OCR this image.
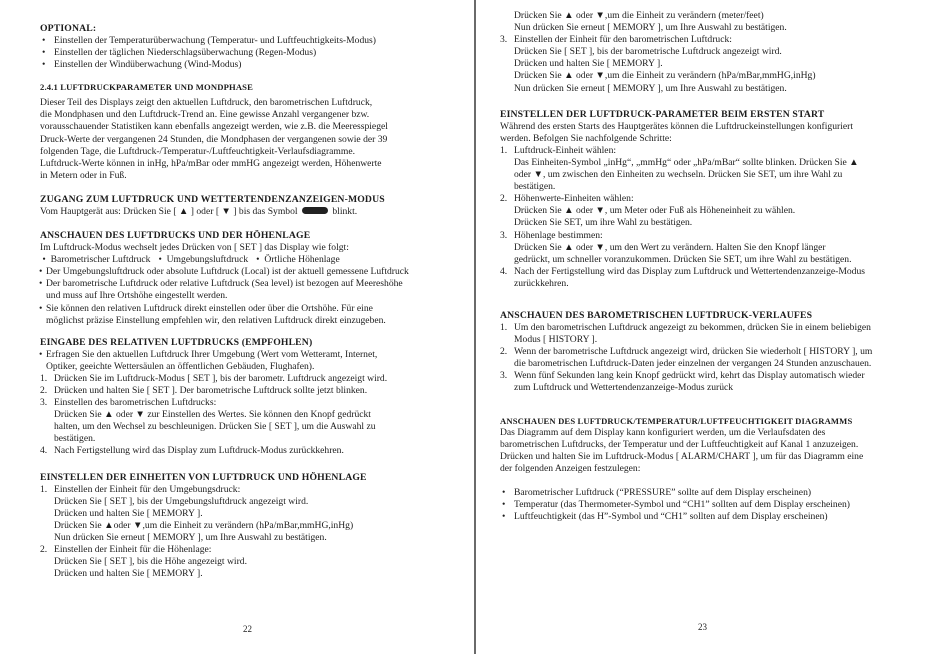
OPTIONAL:
• Einstellen der Temperaturüberwachung (Temperatur- und Luftfeuchtigkeits-Modus)
• Einstellen der täglichen Niederschlagsüberwachung (Regen-Modus)
• Einstellen der Windüberwachung (Wind-Modus)
2.4.1 LUFTDRUCKPARAMETER UND MONDPHASE

Dieser Teil des Displays zeigt den aktuellen Luftdruck, den barometrischen Luftdruck,

die Mondphasen und den Luftdruck-Trend an. Eine gewisse Anzahl vergangener bzw.

vorausschauender Statistiken kann ebenfalls angezeigt werden, wie z.B. die Meeresspiegel

Druck-Werte der vergangenen 24 Stunden, die Mondphasen der vergangenen sowie der 39

folgenden Tage, die Luftdruck-/Temperatur-/Luftfeuchtigkeit-Verlaufsdiagramme.

Luftdruck-Werte können in inHg, hPa/mBar oder mmHG angezeigt werden, Höhenwerte

in Metern oder in Fuß.

ZUGANG ZUM LUFTDRUCK UND WETTERTENDENZANZEIGEN-MODUS

Vom Hauptgerät aus: Drücken Sie [ ▲ ] oder [ ▼ ] bis das Symbol	blinkt.

ANSCHAUEN DES LUFTDRUCKS UND DER HÖHENLAGE

Im Luftdruck-Modus wechselt jedes Drücken von [ SET ] das Display wie folgt:

•  Barometrischer Luftdruck •  Umgebungsluftdruck •  Örtliche Höhenlage

• Der Umgebungsluftdruck oder absolute Luftdruck (Local) ist der aktuell gemessene Luftdruck
• Der barometrische Luftdruck oder relative Luftdruck (Sea level) ist bezogen auf Meereshöhe
und muss auf Ihre Ortshöhe eingestellt werden.
• Sie können den relativen Luftdruck direkt einstellen oder über die Ortshöhe. Für eine
möglichst präzise Einstellung empfehlen wir, den relativen Luftdruck direkt einzugeben.
EINGABE DES RELATIVEN LUFTDRUCKS (EMPFOHLEN)
• Erfragen Sie den aktuellen Luftdruck Ihrer Umgebung (Wert vom Wetteramt, Internet,
Optiker, geeichte Wettersäulen an öffentlichen Gebäuden, Flughafen).
1. Drücken Sie im Luftdruck-Modus [ SET ], bis der barometr. Luftdruck angezeigt wird.
2. Drücken und halten Sie [ SET ]. Der barometrische Luftdruck sollte jetzt blinken.
3. Einstellen des barometrischen Luftdrucks:
Drücken Sie ▲ oder ▼ zur Einstellen des Wertes. Sie können den Knopf gedrückt
halten, um den Wechsel zu beschleunigen. Drücken Sie [ SET ], um die Auswahl zu
bestätigen.
4. Nach Fertigstellung wird das Display zum Luftdruck-Modus zurückkehren.
EINSTELLEN DER EINHEITEN VON LUFTDRUCK UND HÖHENLAGE
1. Einstellen der Einheit für den Umgebungsdruck:
Drücken Sie [ SET ], bis der Umgebungsluftdruck angezeigt wird.
Drücken und halten Sie [ MEMORY ].
Drücken Sie ▲oder ▼,um die Einheit zu verändern (hPa/mBar,mmHG,inHg)
Nun drücken Sie erneut [ MEMORY ], um Ihre Auswahl zu bestätigen.
2. Einstellen der Einheit für die Höhenlage:
Drücken Sie [ SET ], bis die Höhe angezeigt wird.
Drücken und halten Sie [ MEMORY ].
22
Drücken Sie ▲ oder ▼,um die Einheit zu verändern (meter/feet)
Nun drücken Sie erneut [ MEMORY ], um Ihre Auswahl zu bestätigen.
3. Einstellen der Einheit für den barometrischen Luftdruck:
Drücken Sie [ SET ], bis der barometrische Luftdruck angezeigt wird.
Drücken und halten Sie [ MEMORY ].
Drücken Sie ▲ oder ▼,um die Einheit zu verändern (hPa/mBar,mmHG,inHg)
Nun drücken Sie erneut [ MEMORY ], um Ihre Auswahl zu bestätigen.
EINSTELLEN DER LUFTDRUCK-PARAMETER BEIM ERSTEN START

Während des ersten Starts des Hauptgerätes können die Luftdruckeinstellungen konfiguriert

werden. Befolgen Sie nachfolgende Schritte:

1. Luftdruck-Einheit wählen:
Das Einheiten-Symbol „inHg“, „mmHg“ oder „hPa/mBar“ sollte blinken. Drücken Sie ▲
oder ▼, um zwischen den Einheiten zu wechseln. Drücken Sie SET, um ihre Wahl zu
bestätigen.
2. Höhenwerte-Einheiten wählen:
Drücken Sie ▲ oder ▼, um Meter oder Fuß als Höheneinheit zu wählen.
Drücken Sie SET, um ihre Wahl zu bestätigen.
3. Höhenlage bestimmen:
Drücken Sie ▲ oder ▼, um den Wert zu verändern. Halten Sie den Knopf länger
gedrückt, um schneller voranzukommen. Drücken Sie SET, um ihre Wahl zu bestätigen.
4. Nach der Fertigstellung wird das Display zum Luftdruck und Wettertendenzanzeige-Modus
zurückkehren.
ANSCHAUEN DES BAROMETRISCHEN LUFTDRUCK-VERLAUFES
1. Um den barometrischen Luftdruck angezeigt zu bekommen, drücken Sie in einem beliebigen
Modus [ HISTORY ].
2. Wenn der barometrische Luftdruck angezeigt wird, drücken Sie wiederholt [ HISTORY ], um
die barometrischen Luftdruck-Daten jeder einzelnen der vergangen 24 Stunden anzuschauen.
3. Wenn fünf Sekunden lang kein Knopf gedrückt wird, kehrt das Display automatisch wieder
zum Luftdruck und Wettertendenzanzeige-Modus zurück
ANSCHAUEN DES LUFTDRUCK/TEMPERATUR/LUFTFEUCHTIGKEIT DIAGRAMMS

Das Diagramm auf dem Display kann konfiguriert werden, um die Verlaufsdaten des

barometrischen Luftdrucks, der Temperatur und der Luftfeuchtigkeit auf Kanal 1 anzuzeigen.

Drücken und halten Sie im Luftdruck-Modus [ ALARM/CHART ], um für das Diagramm eine

der folgenden Anzeigen festzulegen:

• Barometrischer Luftdruck (“PRESSURE” sollte auf dem Display erscheinen)
• Temperatur (das Thermometer-Symbol und “CH1” sollten auf dem Display erscheinen)
• Luftfeuchtigkeit (das H”-Symbol und “CH1” sollten auf dem Display erscheinen)
23
